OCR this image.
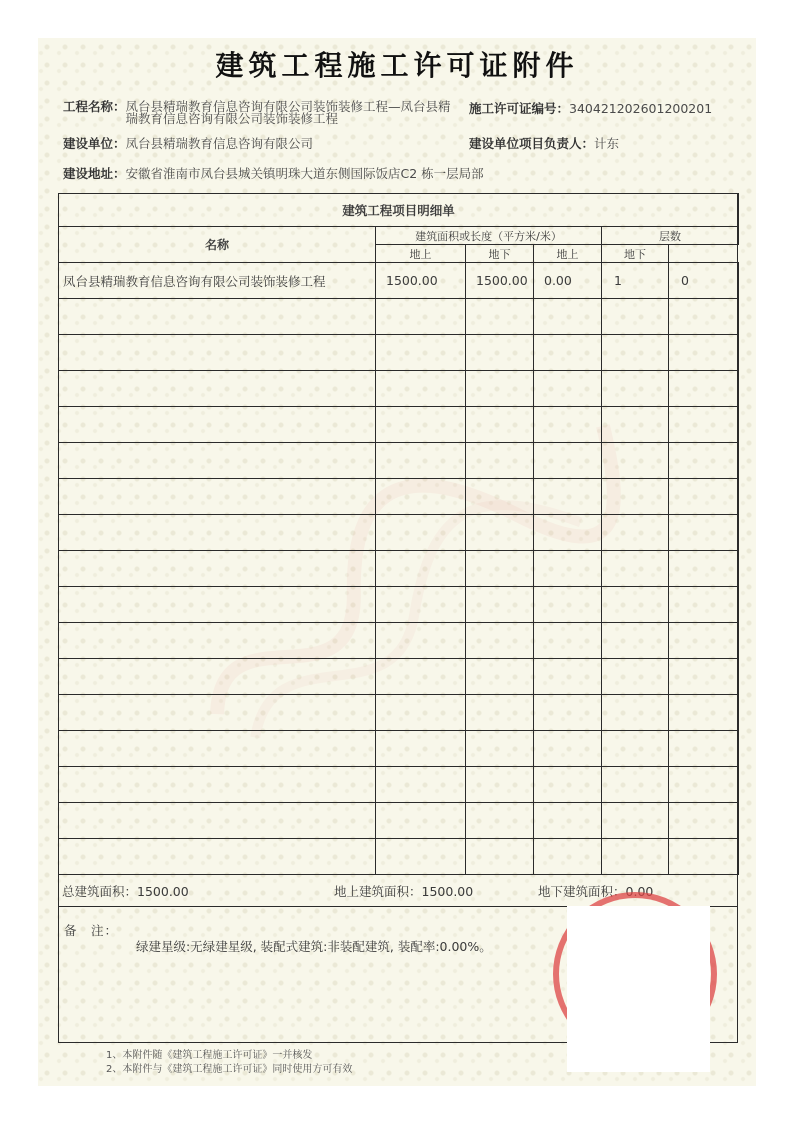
建筑工程施工许可证附件
工程名称：凤台县精瑞教育信息咨询有限公司装饰装修工程—凤台县精瑞教育信息咨询有限公司装饰装修工程
施工许可证编号：340421202601200201
建设单位：凤台县精瑞教育信息咨询有限公司	建设单位项目负责人：计东
建设地址：安徽省淮南市凤台县城关镇明珠大道东侧国际饭店C2 栋一层局部
建筑工程项目明细单					
名称	建筑面积或长度（平方米/米）			层数	
	地上	地下	地上	地下	
凤台县精瑞教育信息咨询有限公司装饰装修工程	1500.00	1500.00	0.00	1	0

总建筑面积：1500.00	地上建筑面积：1500.00	地下建筑面积：0.00
备　注：
绿建星级:无绿建星级, 装配式建筑:非装配建筑, 装配率:0.00%。
1、本附件随《建筑工程施工许可证》一并核发
2、本附件与《建筑工程施工许可证》同时使用方可有效
